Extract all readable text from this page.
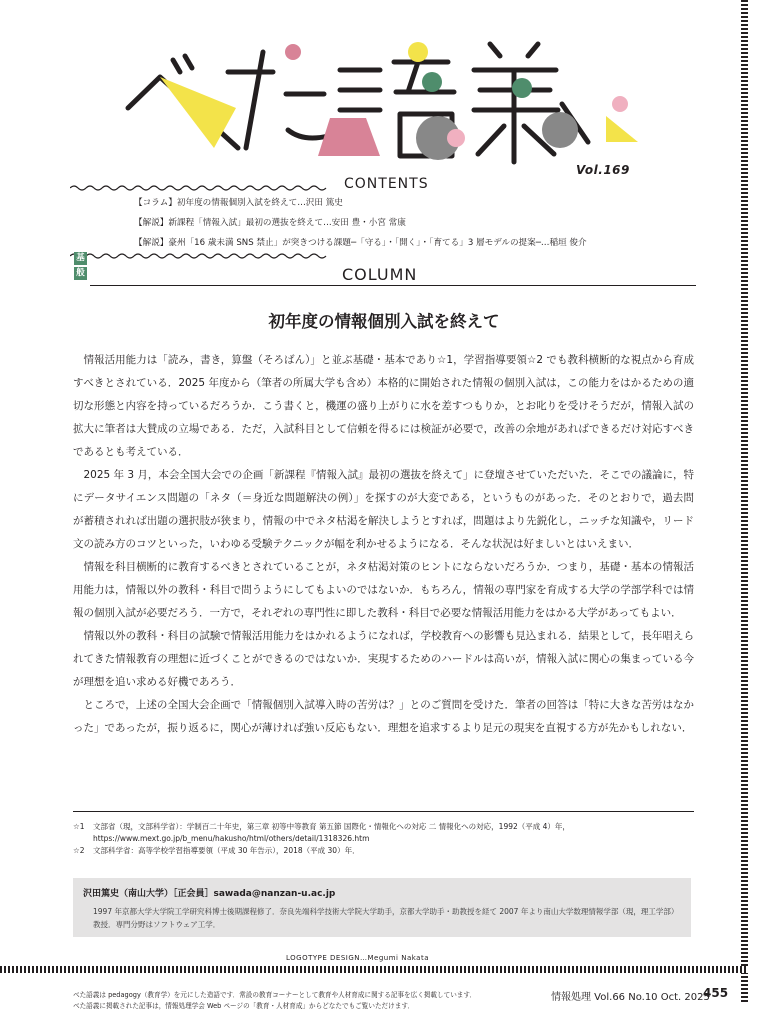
Vol.169
CONTENTS
【コラム】初年度の情報個別入試を終えて…沢田 篤史
【解説】新課程「情報入試」最初の選抜を終えて…安田 豊・小宮 常康
【解説】豪州「16 歳未満 SNS 禁止」が突きつける課題─「守る」・「開く」・「育てる」3 層モデルの提案─…稲垣 俊介
基
般	COLUMN
初年度の情報個別入試を終えて

情報活用能力は「読み，書き，算盤（そろばん）」と並ぶ基礎・基本であり☆1，学習指導要領☆2 でも教科横断的な視点から育成すべきとされている．2025 年度から（筆者の所属大学も含め）本格的に開始された情報の個別入試は，この能力をはかるための適切な形態と内容を持っているだろうか．こう書くと，機運の盛り上がりに水を差すつもりか，とお叱りを受けそうだが，情報入試の拡大に筆者は大賛成の立場である．ただ，入試科目として信頼を得るには検証が必要で，改善の余地があればできるだけ対応すべきであるとも考えている．

2025 年 3 月，本会全国大会での企画「新課程『情報入試』最初の選抜を終えて」に登壇させていただいた．そこでの議論に，特にデータサイエンス問題の「ネタ（＝身近な問題解決の例）」を探すのが大変である，というものがあった．そのとおりで，過去問が蓄積されれば出題の選択肢が狭まり，情報の中でネタ枯渇を解決しようとすれば，問題はより先鋭化し，ニッチな知識や，リード文の読み方のコツといった，いわゆる受験テクニックが幅を利かせるようになる．そんな状況は好ましいとはいえまい．

情報を科目横断的に教育するべきとされていることが，ネタ枯渇対策のヒントにならないだろうか．つまり，基礎・基本の情報活用能力は，情報以外の教科・科目で問うようにしてもよいのではないか．もちろん，情報の専門家を育成する大学の学部学科では情報の個別入試が必要だろう．一方で，それぞれの専門性に即した教科・科目で必要な情報活用能力をはかる大学があってもよい．

情報以外の教科・科目の試験で情報活用能力をはかれるようになれば，学校教育への影響も見込まれる．結果として，長年唱えられてきた情報教育の理想に近づくことができるのではないか．実現するためのハードルは高いが，情報入試に関心の集まっている今が理想を追い求める好機であろう．

ところで，上述の全国大会企画で「情報個別入試導入時の苦労は？」とのご質問を受けた．筆者の回答は「特に大きな苦労はなかった」であったが，振り返るに，関心が薄ければ強い反応もない．理想を追求するより足元の現実を直視する方が先かもしれない．

☆1 文部省（現，文部科学省）：学制百二十年史，第三章 初等中等教育 第五節 国際化・情報化への対応 二 情報化への対応，1992（平成 4）年，https://www.mext.go.jp/b_menu/hakusho/html/others/detail/1318326.htm
☆2 文部科学省：高等学校学習指導要領（平成 30 年告示），2018（平成 30）年．
沢田篤史（南山大学）［正会員］sawada@nanzan-u.ac.jp
1997 年京都大学大学院工学研究科博士後期課程修了．奈良先端科学技術大学院大学助手，京都大学助手・助教授を経て 2007 年より南山大学数理情報学部（現，理工学部）教授．専門分野はソフトウェア工学．
LOGOTYPE DESIGN…Megumi Nakata
べた語義は pedagogy（教育学）を元にした造語です．常設の教育コーナーとして教育や人材育成に関する記事を広く掲載しています．
べた語義に掲載された記事は，情報処理学会 Web ページの「教育・人材育成」からどなたでもご覧いただけます．
情報処理 Vol.66 No.10 Oct. 2025
455
